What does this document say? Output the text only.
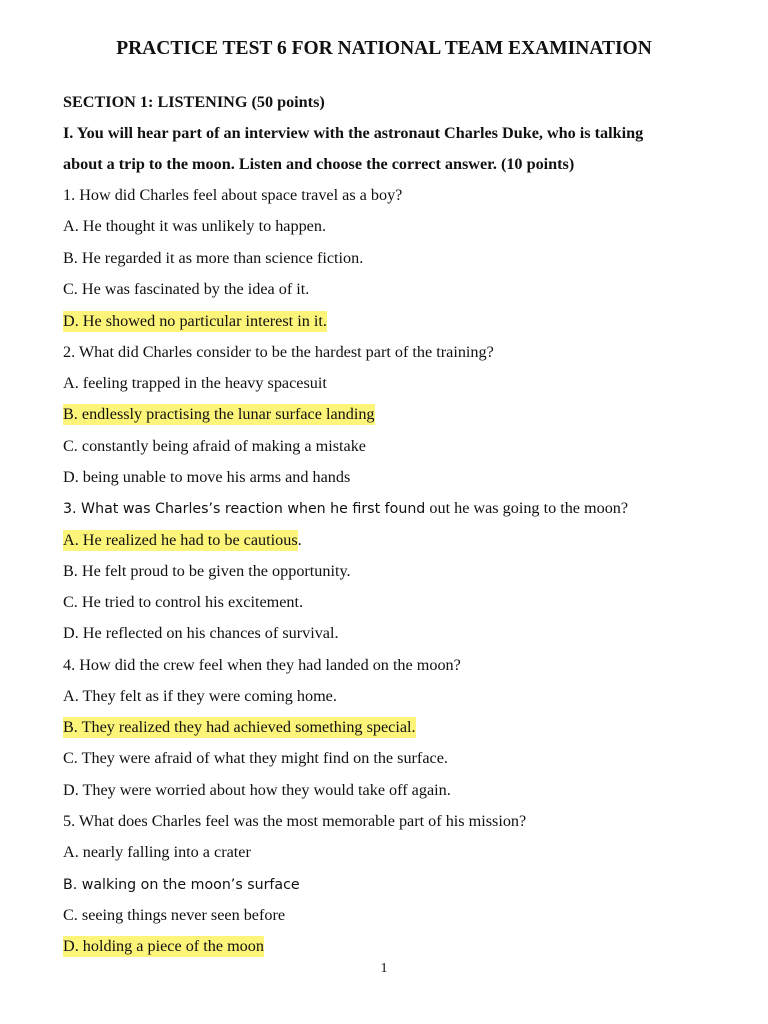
PRACTICE TEST 6 FOR NATIONAL TEAM EXAMINATION
SECTION 1: LISTENING (50 points)
I. You will hear part of an interview with the astronaut Charles Duke, who is talking
about a trip to the moon. Listen and choose the correct answer. (10 points)
1. How did Charles feel about space travel as a boy?
A. He thought it was unlikely to happen.
B. He regarded it as more than science fiction.
C. He was fascinated by the idea of it.
D. He showed no particular interest in it.
2. What did Charles consider to be the hardest part of the training?
A. feeling trapped in the heavy spacesuit
B. endlessly practising the lunar surface landing
C. constantly being afraid of making a mistake
D. being unable to move his arms and hands
3. What was Charles’s reaction when he first found out he was going to the moon?
A. He realized he had to be cautious.
B. He felt proud to be given the opportunity.
C. He tried to control his excitement.
D. He reflected on his chances of survival.
4. How did the crew feel when they had landed on the moon?
A. They felt as if they were coming home.
B. They realized they had achieved something special.
C. They were afraid of what they might find on the surface.
D. They were worried about how they would take off again.
5. What does Charles feel was the most memorable part of his mission?
A. nearly falling into a crater
B. walking on the moon’s surface
C. seeing things never seen before
D. holding a piece of the moon
1
